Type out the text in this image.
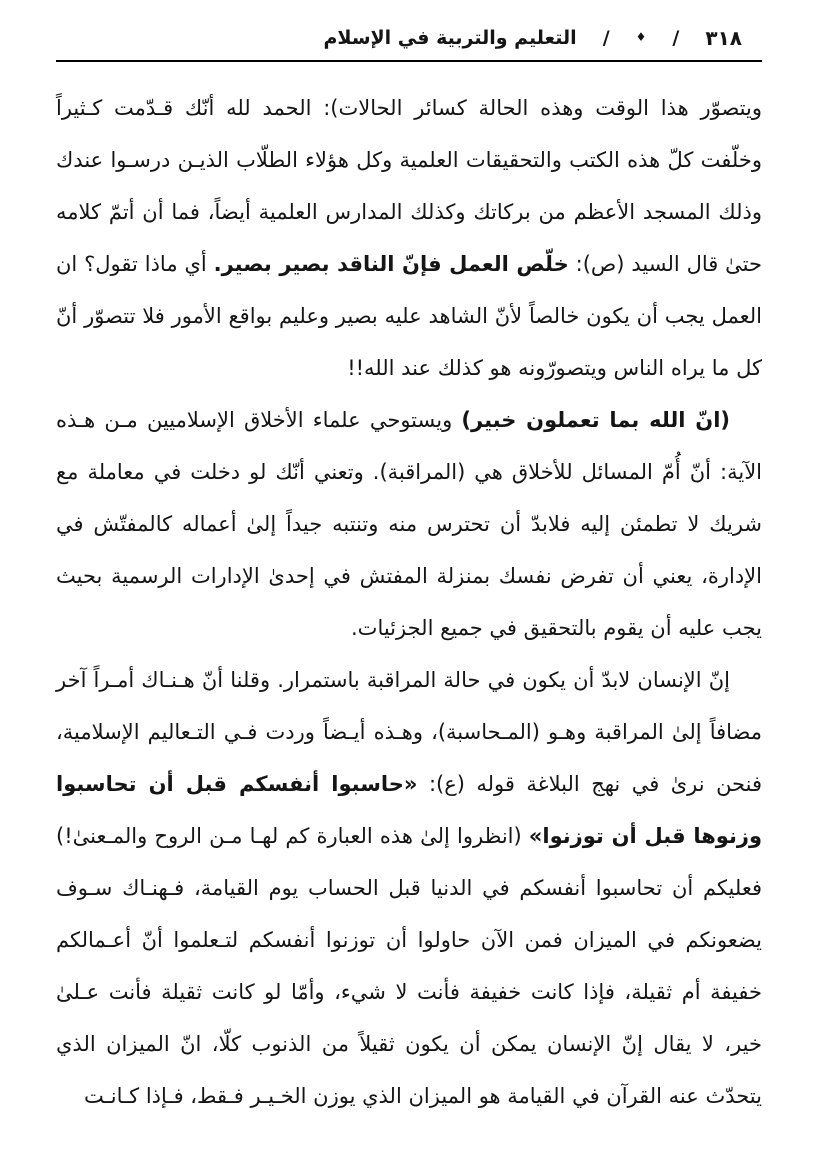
٣١٨
/
♦
/
التعليم والتربية في الإسلام

ويتصوّر هذا الوقت وهذه الحالة كسائر الحالات): الحمد لله أنّك قـدّمت كـثيراً وخلّفت كلّ هذه الكتب والتحقيقات العلمية وكل هؤلاء الطلّاب الذيـن درسـوا عندك وذلك المسجد الأعظم من بركاتك وكذلك المدارس العلمية أيضاً، فما أن أتمّ كلامه حتىٰ قال السيد (ص): خلّص العمل فإنّ الناقد بصير بصير. أي ماذا تقول؟ ان العمل يجب أن يكون خالصاً لأنّ الشاهد عليه بصير وعليم بواقع الأمور فلا تتصوّر أنّ كل ما يراه الناس ويتصورّونه هو كذلك عند الله!!

(انّ الله بما تعملون خبير) ويستوحي علماء الأخلاق الإسلاميين مـن هـذه الآية: أنّ أُمّ المسائل للأخلاق هي (المراقبة). وتعني أنّك لو دخلت في معاملة مع شريك لا تطمئن إليه فلابدّ أن تحترس منه وتنتبه جيداً إلىٰ أعماله كالمفتّش في الإدارة، يعني أن تفرض نفسك بمنزلة المفتش في إحدىٰ الإدارات الرسمية بحيث يجب عليه أن يقوم بالتحقيق في جميع الجزئيات.

إنّ الإنسان لابدّ أن يكون في حالة المراقبة باستمرار. وقلنا أنّ هـنـاك أمـراً آخر مضافاً إلىٰ المراقبة وهـو (المـحاسبة)، وهـذه أيـضاً وردت فـي التـعاليم الإسلامية، فنحن نرىٰ في نهج البلاغة قوله (ع): «حاسبوا أنفسكم قبل أن تحاسبوا وزنوها قبل أن توزنوا» (انظروا إلىٰ هذه العبارة كم لهـا مـن الروح والمـعنىٰ!) فعليكم أن تحاسبوا أنفسكم في الدنيا قبل الحساب يوم القيامة، فـهنـاك سـوف يضعونكم في الميزان فمن الآن حاولوا أن توزنوا أنفسكم لتـعلموا أنّ أعـمالكم خفيفة أم ثقيلة، فإذا كانت خفيفة فأنت لا شيء، وأمّا لو كانت ثقيلة فأنت عـلىٰ خير، لا يقال إنّ الإنسان يمكن أن يكون ثقيلاً من الذنوب كلّا، انّ الميزان الذي يتحدّث عنه القرآن في القيامة هو الميزان الذي يوزن الخـيـر فـقط، فـإذا كـانـت
